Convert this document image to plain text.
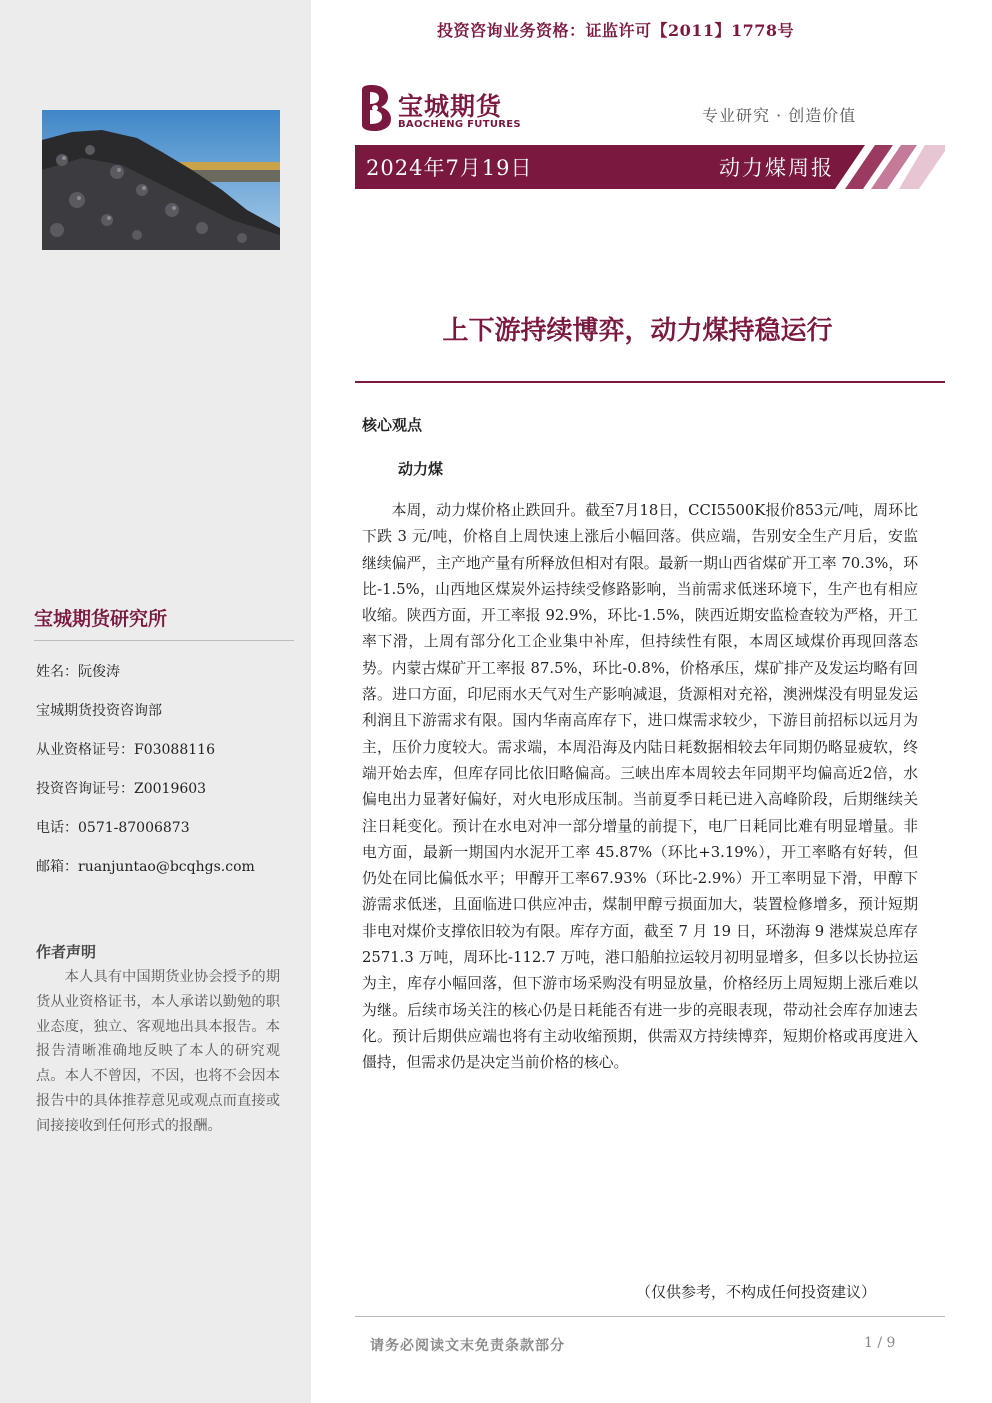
宝城期货研究所
姓名：阮俊涛
宝城期货投资咨询部
从业资格证号：F03088116
投资咨询证号：Z0019603
电话：0571-87006873
邮箱：ruanjuntao@bcqhgs.com
作者声明
本人具有中国期货业协会授予的期货从业资格证书，本人承诺以勤勉的职业态度，独立、客观地出具本报告。本报告清晰准确地反映了本人的研究观点。本人不曾因，不因，也将不会因本报告中的具体推荐意见或观点而直接或间接接收到任何形式的报酬。
投资咨询业务资格：证监许可【2011】1778号
宝城期货
BAOCHENG FUTURES	专业研究 · 创造价值
2024年7月19日	动力煤周报
上下游持续博弈，动力煤持稳运行
核心观点
动力煤
本周，动力煤价格止跌回升。截至7月18日，CCI5500K报价853元/吨，周环比下跌 3 元/吨，价格自上周快速上涨后小幅回落。供应端，告别安全生产月后，安监继续偏严，主产地产量有所释放但相对有限。最新一期山西省煤矿开工率 70.3%，环比-1.5%，山西地区煤炭外运持续受修路影响，当前需求低迷环境下，生产也有相应收缩。陕西方面，开工率报 92.9%，环比-1.5%，陕西近期安监检查较为严格，开工率下滑，上周有部分化工企业集中补库，但持续性有限，本周区域煤价再现回落态势。内蒙古煤矿开工率报 87.5%，环比-0.8%，价格承压，煤矿排产及发运均略有回落。进口方面，印尼雨水天气对生产影响减退，货源相对充裕，澳洲煤没有明显发运利润且下游需求有限。国内华南高库存下，进口煤需求较少，下游目前招标以远月为主，压价力度较大。需求端，本周沿海及内陆日耗数据相较去年同期仍略显疲软，终端开始去库，但库存同比依旧略偏高。三峡出库本周较去年同期平均偏高近2倍，水偏电出力显著好偏好，对火电形成压制。当前夏季日耗已进入高峰阶段，后期继续关注日耗变化。预计在水电对冲一部分增量的前提下，电厂日耗同比难有明显增量。非电方面，最新一期国内水泥开工率 45.87%（环比+3.19%），开工率略有好转，但仍处在同比偏低水平；甲醇开工率67.93%（环比-2.9%）开工率明显下滑，甲醇下游需求低迷，且面临进口供应冲击，煤制甲醇亏损面加大，装置检修增多，预计短期非电对煤价支撑依旧较为有限。库存方面，截至 7 月 19 日，环渤海 9 港煤炭总库存2571.3 万吨，周环比-112.7 万吨，港口船舶拉运较月初明显增多，但多以长协拉运为主，库存小幅回落，但下游市场采购没有明显放量，价格经历上周短期上涨后难以为继。后续市场关注的核心仍是日耗能否有进一步的亮眼表现，带动社会库存加速去化。预计后期供应端也将有主动收缩预期，供需双方持续博弈，短期价格或再度进入僵持，但需求仍是决定当前价格的核心。
（仅供参考，不构成任何投资建议）
请务必阅读文末免责条款部分	1 / 9
